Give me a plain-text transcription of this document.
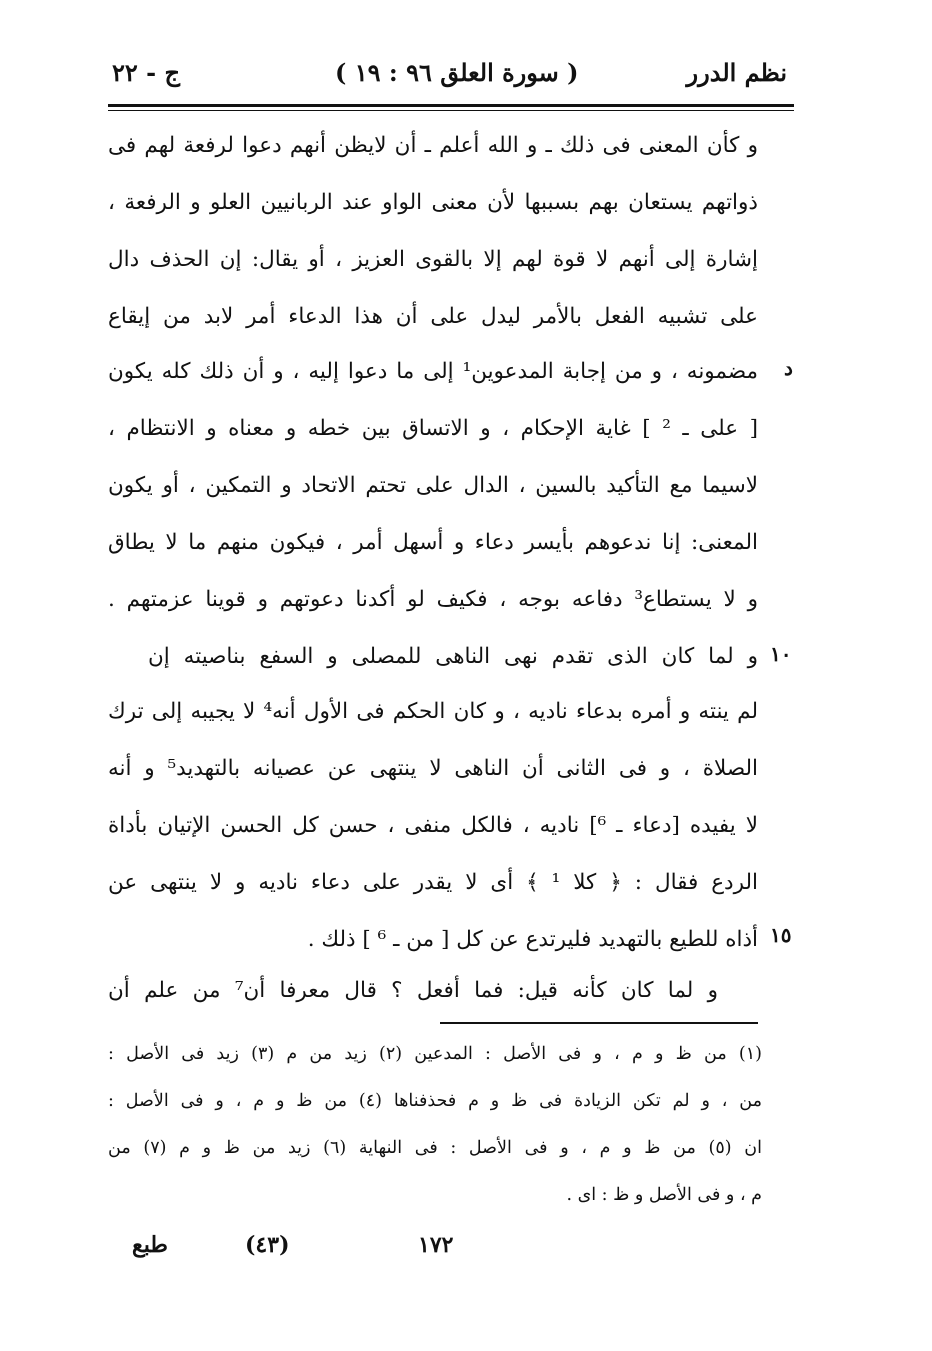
نظم الدرر
( سورة العلق ٩٦ : ١٩ )
ج - ٢٢
و كأن المعنى فى ذلك ـ و الله أعلم ـ أن لايظن أنهم دعوا لرفعة لهم فى
ذواتهم يستعان بهم بسببها لأن معنى الواو عند الربانيين العلو و الرفعة ،
إشارة إلى أنهم لا قوة لهم إلا بالقوى العزيز ، أو يقال: إن الحذف دال
على تشبيه الفعل بالأمر ليدل على أن هذا الدعاء أمر لابد من إيقاع
مضمونه ، و من إجابة المدعوين¹ إلى ما دعوا إليه ، و أن ذلك كله يكون
[ على ـ ² ] غاية الإحكام ، و الاتساق بين خطه و معناه و الانتظام ،
لاسيما مع التأكيد بالسين ، الدال على تحتم الاتحاد و التمكين ، أو يكون
المعنى: إنا ندعوهم بأيسر دعاء و أسهل أمر ، فيكون منهم ما لا يطاق
و لا يستطاع³ دفاعه بوجه ، فكيف لو أكدنا دعوتهم و قوينا عزمتهم .
و لما كان الذى تقدم نهى الناهى للمصلى و السفع بناصيته إن
لم ينته و أمره بدعاء ناديه ، و كان الحكم فى الأول أنه⁴ لا يجيبه إلى ترك
الصلاة ، و فى الثانى أن الناهى لا ينتهى عن عصيانه بالتهديد⁵ و أنه
لا يفيده [دعاء ـ ⁶] ناديه ، فالكل منفى ، حسن كل الحسن الإتيان بأداة
الردع فقال : ﴿ كلا ¹ ﴾ أى لا يقدر على دعاء ناديه و لا ينتهى عن
أذاه للطيع بالتهديد فليرتدع عن كل [ من ـ ⁶ ] ذلك .
و لما كان كأنه قيل: فما أفعل ؟ قال معرفا أن⁷ من علم أن
د
١٠
١٥
(١) من ظ و م ، و فى الأصل : المدعين (٢) زيد من م (٣) زيد فى الأصل :
من ، و لم تكن الزيادة فى ظ و م فحذفناها (٤) من ظ و م ، و فى الأصل :
ان (٥) من ظ و م ، و فى الأصل : فى النهاية (٦) زيد من ظ و م (٧) من
م ، و فى الأصل و ظ : اى .
١٧٢
(٤٣)
طبع
